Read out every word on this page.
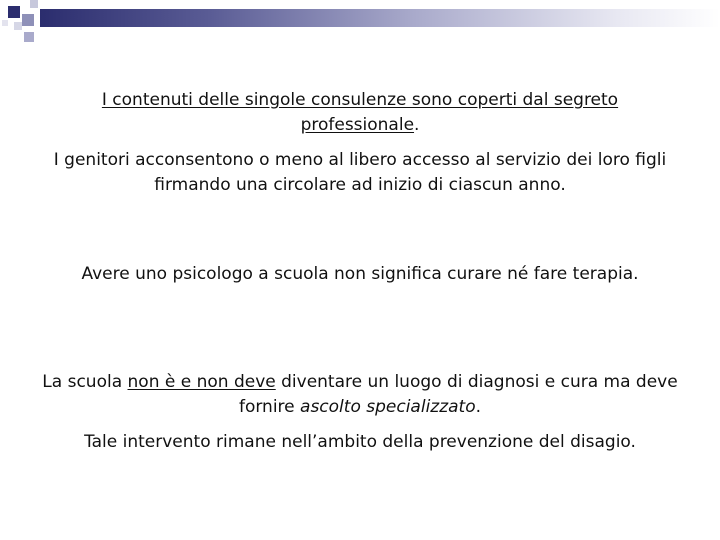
I contenuti delle singole consulenze sono coperti dal segreto
professionale.
I genitori acconsentono o meno al libero accesso al servizio dei loro figli
firmando una circolare ad inizio di ciascun anno.
Avere uno psicologo a scuola non significa curare né fare terapia.
La scuola non è e non deve diventare un luogo di diagnosi e cura ma deve
fornire ascolto specializzato.
Tale intervento rimane nell’ambito della prevenzione del disagio.
